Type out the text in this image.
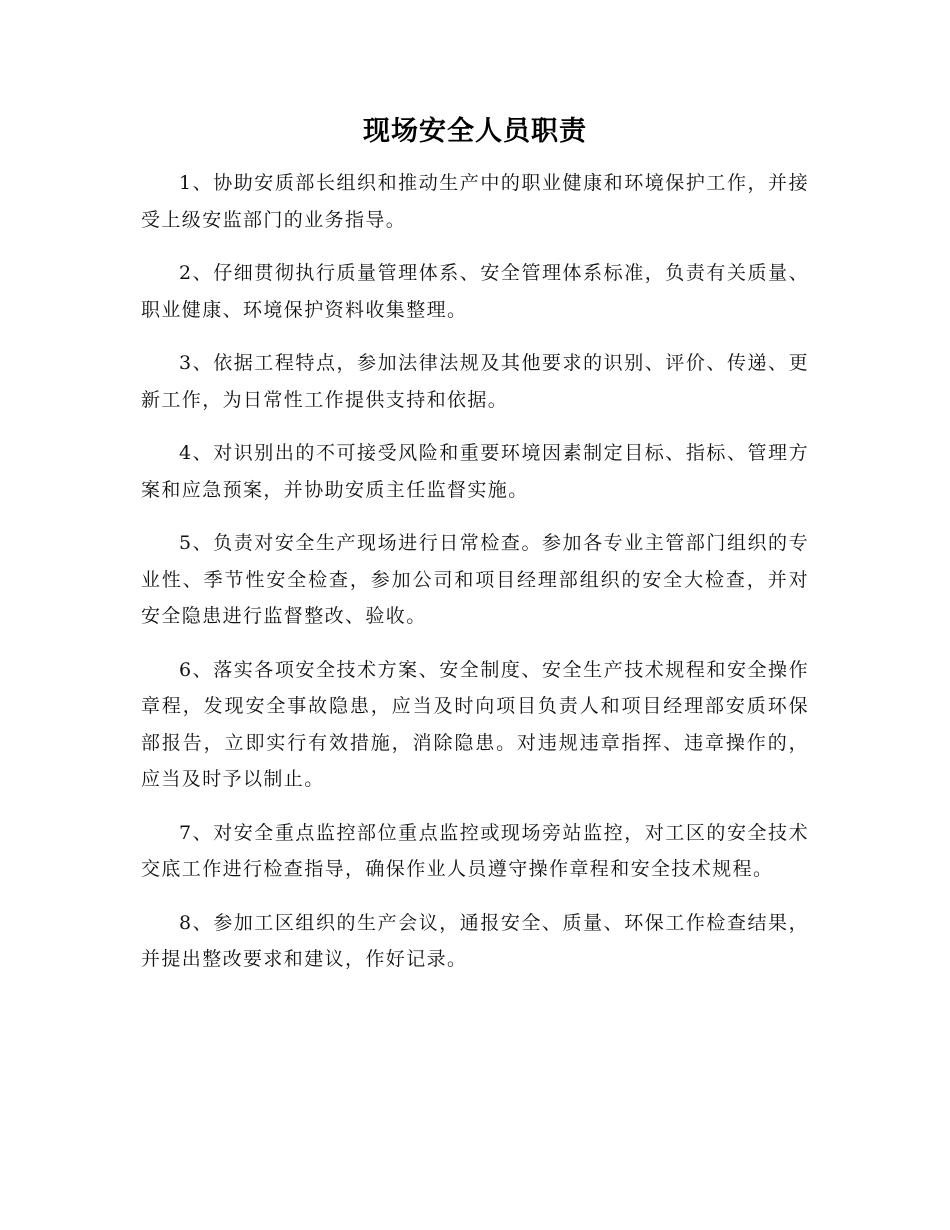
现场安全人员职责

1、协助安质部长组织和推动生产中的职业健康和环境保护工作，并接受上级安监部门的业务指导。

2、仔细贯彻执行质量管理体系、安全管理体系标准，负责有关质量、职业健康、环境保护资料收集整理。

3、依据工程特点，参加法律法规及其他要求的识别、评价、传递、更新工作，为日常性工作提供支持和依据。

4、对识别出的不可接受风险和重要环境因素制定目标、指标、管理方案和应急预案，并协助安质主任监督实施。

5、负责对安全生产现场进行日常检查。参加各专业主管部门组织的专业性、季节性安全检查，参加公司和项目经理部组织的安全大检查，并对安全隐患进行监督整改、验收。

6、落实各项安全技术方案、安全制度、安全生产技术规程和安全操作章程，发现安全事故隐患，应当及时向项目负责人和项目经理部安质环保部报告，立即实行有效措施，消除隐患。对违规违章指挥、违章操作的，应当及时予以制止。

7、对安全重点监控部位重点监控或现场旁站监控，对工区的安全技术交底工作进行检查指导，确保作业人员遵守操作章程和安全技术规程。

8、参加工区组织的生产会议，通报安全、质量、环保工作检查结果，并提出整改要求和建议，作好记录。
